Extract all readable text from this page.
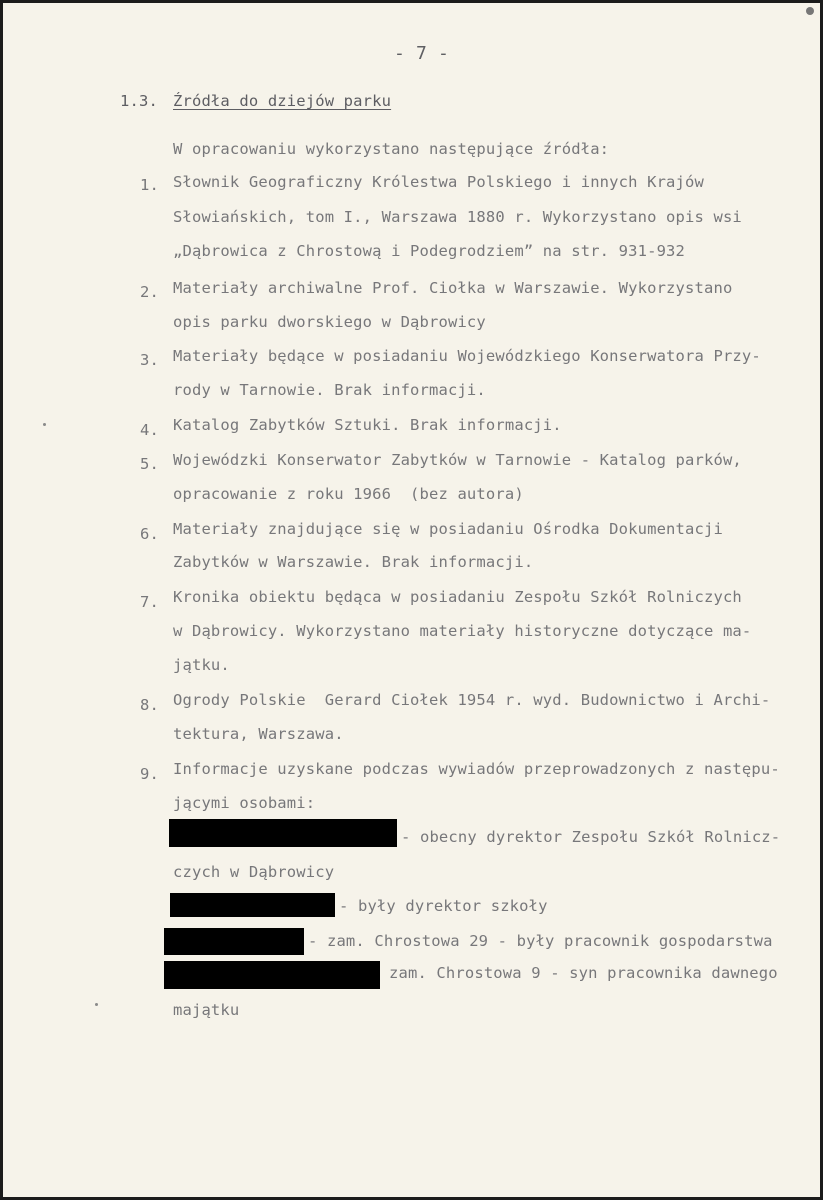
- 7 -
1.3. Źródła do dziejów parku
W opracowaniu wykorzystano następujące źródła:
1. Słownik Geograficzny Królestwa Polskiego i innych Krajów
Słowiańskich, tom I., Warszawa 1880 r. Wykorzystano opis wsi
„Dąbrowica z Chrostową i Podegrodziem” na str. 931-932
2. Materiały archiwalne Prof. Ciołka w Warszawie. Wykorzystano
opis parku dworskiego w Dąbrowicy
3. Materiały będące w posiadaniu Wojewódzkiego Konserwatora Przy-
rody w Tarnowie. Brak informacji.
4. Katalog Zabytków Sztuki. Brak informacji.
5. Wojewódzki Konserwator Zabytków w Tarnowie - Katalog parków,
opracowanie z roku 1966  (bez autora)
6. Materiały znajdujące się w posiadaniu Ośrodka Dokumentacji
Zabytków w Warszawie. Brak informacji.
7. Kronika obiektu będąca w posiadaniu Zespołu Szkół Rolniczych
w Dąbrowicy. Wykorzystano materiały historyczne dotyczące ma-
jątku.
8. Ogrody Polskie  Gerard Ciołek 1954 r. wyd. Budownictwo i Archi-
tektura, Warszawa.
9. Informacje uzyskane podczas wywiadów przeprowadzonych z następu-
jącymi osobami:
- obecny dyrektor Zespołu Szkół Rolnicz-
czych w Dąbrowicy
- były dyrektor szkoły
- zam. Chrostowa 29 - były pracownik gospodarstwa
zam. Chrostowa 9 - syn pracownika dawnego
majątku
